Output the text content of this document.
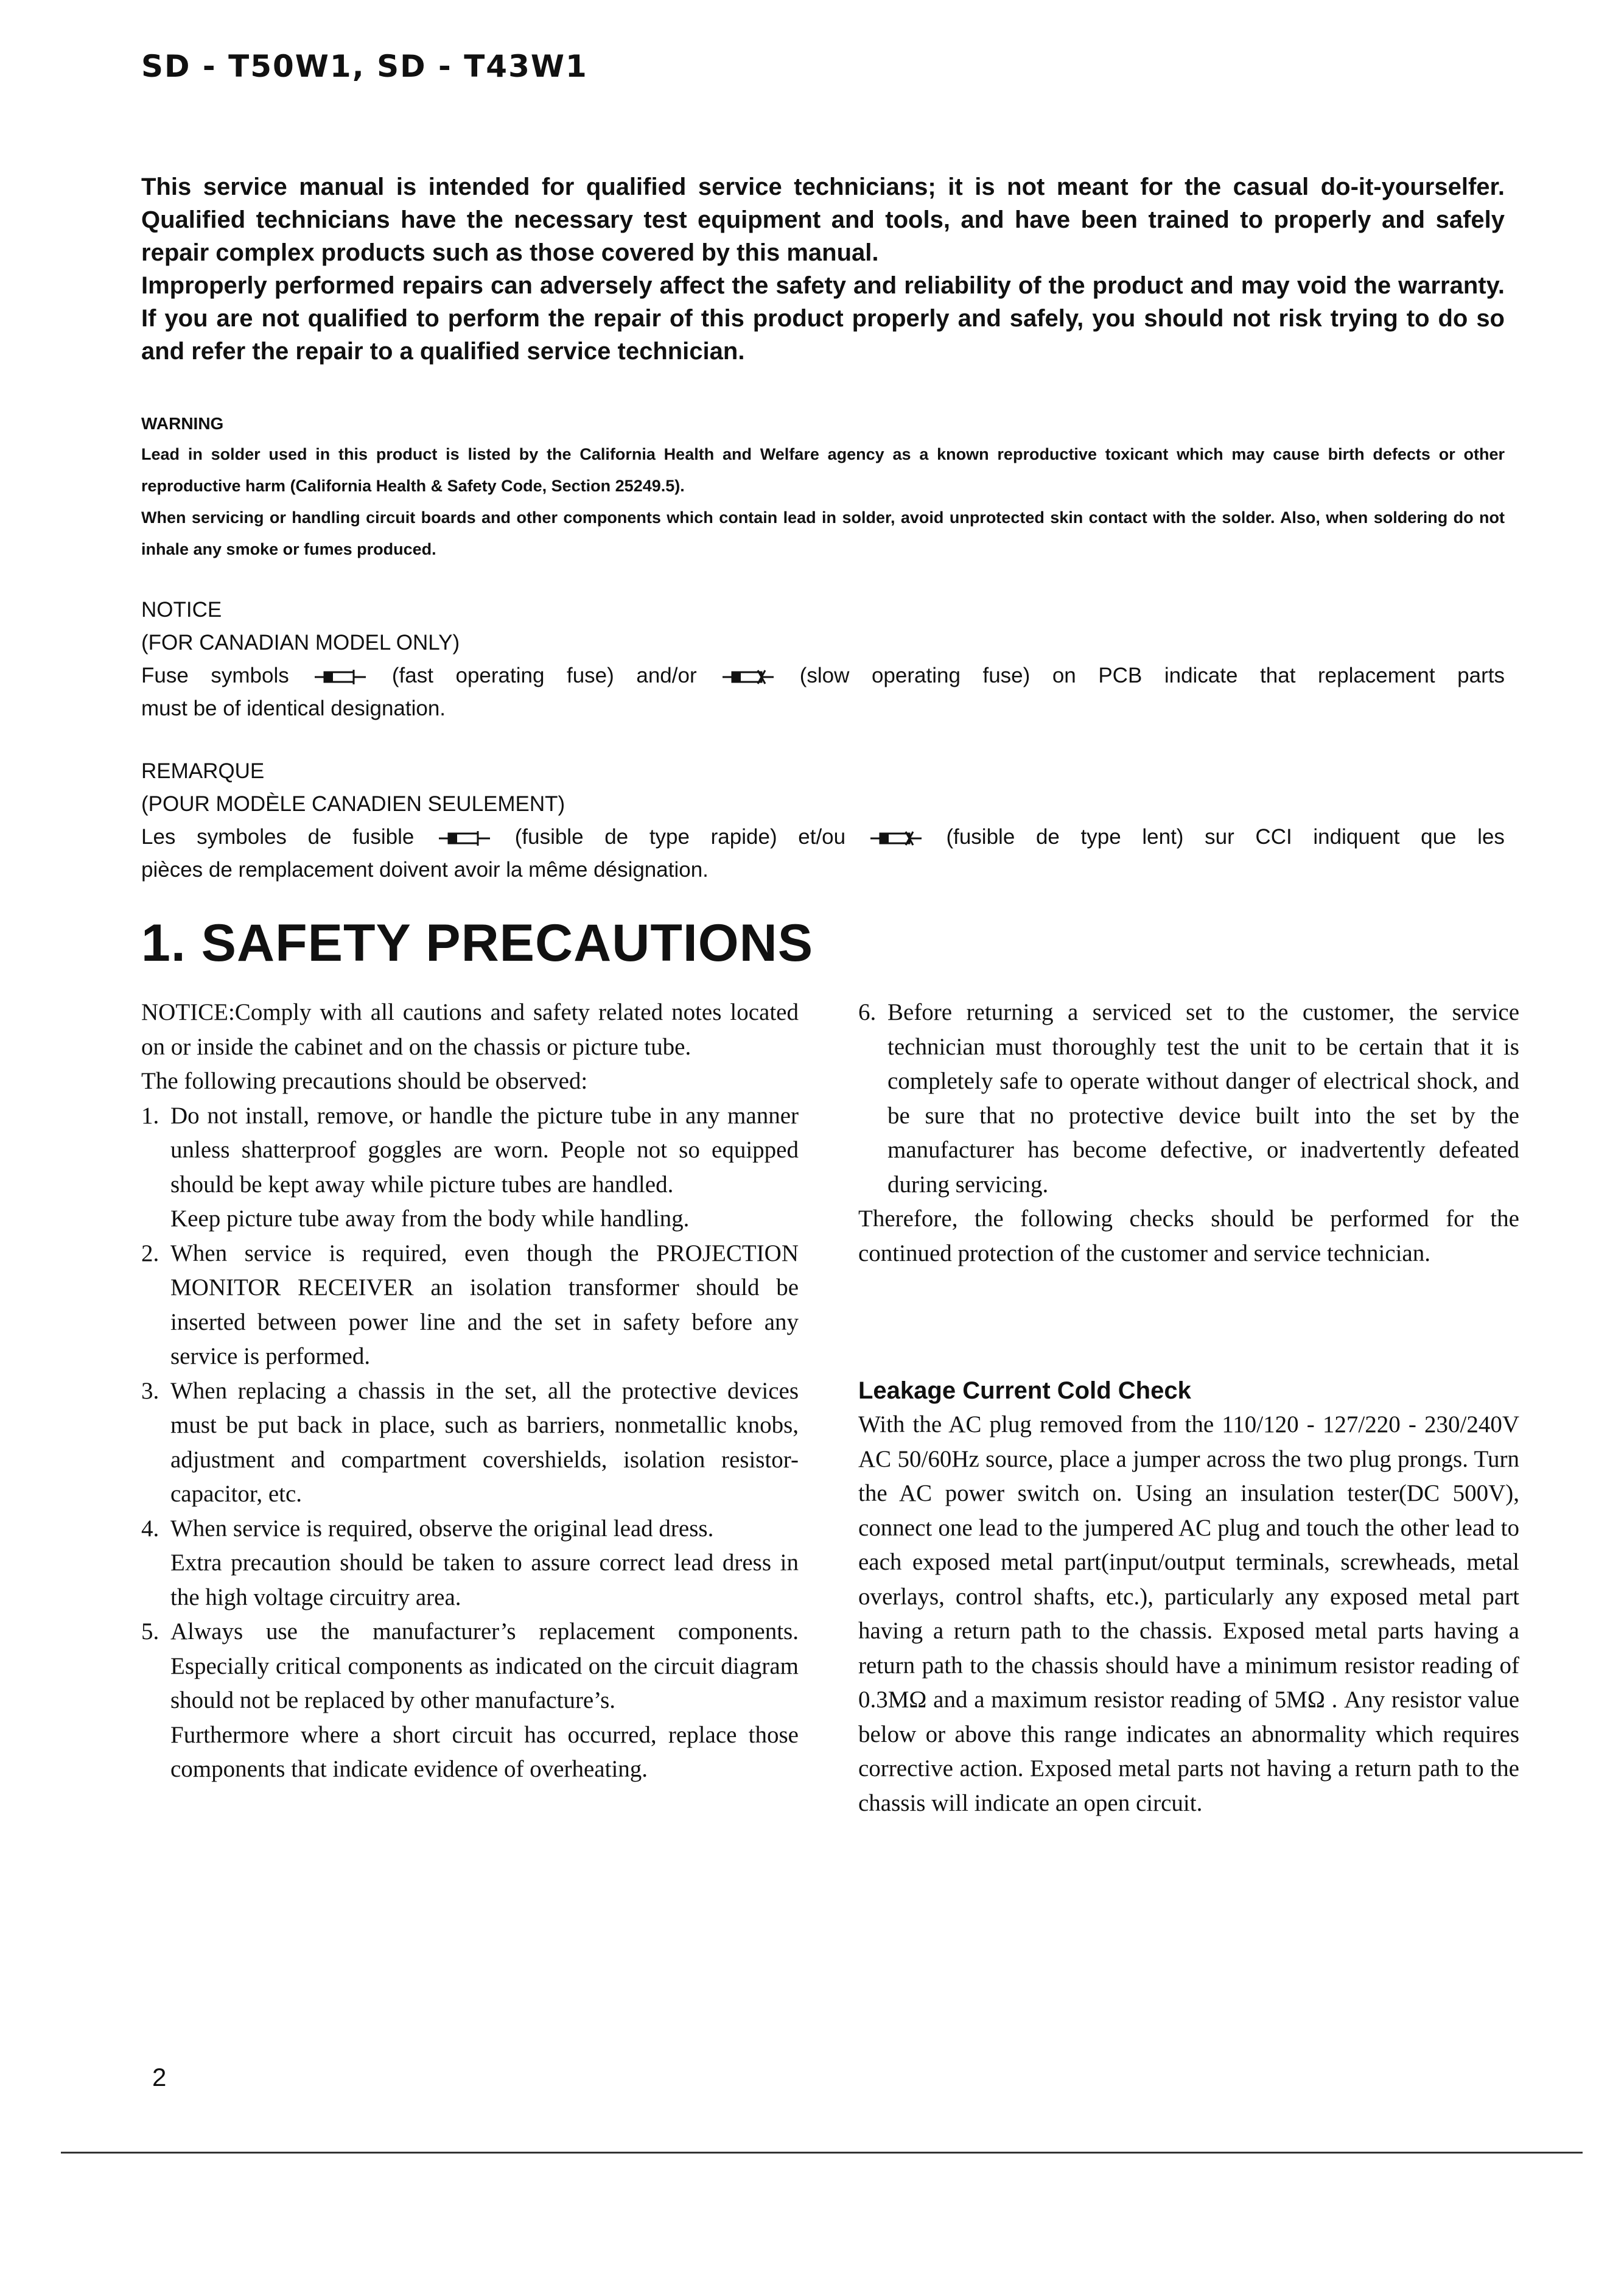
SD - T50W1, SD - T43W1

This service manual is intended for qualified service technicians; it is not meant for the casual do-it-yourselfer. Qualified technicians have the necessary test equipment and tools, and have been trained to properly and safely repair complex products such as those covered by this manual.

Improperly performed repairs can adversely affect the safety and reliability of the product and may void the warranty. If you are not qualified to perform the repair of this product properly and safely, you should not risk trying to do so and refer the repair to a qualified service technician.

WARNING

Lead in solder used in this product is listed by the California Health and Welfare agency as a known reproductive toxicant which may cause birth defects or other reproductive harm (California Health & Safety Code, Section 25249.5).

When servicing or handling circuit boards and other components which contain lead in solder, avoid unprotected skin contact with the solder. Also, when soldering do not inhale any smoke or fumes produced.

NOTICE

(FOR CANADIAN MODEL ONLY)

Fuse symbols	(fast operating fuse) and/or	(slow operating fuse) on PCB indicate that replacement parts

must be of identical designation.

REMARQUE

(POUR MODÈLE CANADIEN SEULEMENT)

Les symboles de fusible	(fusible de type rapide) et/ou	(fusible de type lent) sur CCI indiquent que les

pièces de remplacement doivent avoir la même désignation.

1. SAFETY PRECAUTIONS

NOTICE:Comply with all cautions and safety related notes located on or inside the cabinet and on the chassis or picture tube.

The following precautions should be observed:

1. Do not install, remove, or handle the picture tube in any manner unless shatterproof goggles are worn. People not so equipped should be kept away while picture tubes are handled.

Keep picture tube away from the body while handling.

2. When service is required, even though the PROJECTION MONITOR RECEIVER an isolation transformer should be inserted between power line and the set in safety before any service is performed.
3. When replacing a chassis in the set, all the protective devices must be put back in place, such as barriers, nonmetallic knobs, adjustment and compartment covershields, isolation resistor-capacitor, etc.
4. When service is required, observe the original lead dress.

Extra precaution should be taken to assure correct lead dress in the high voltage circuitry area.

5. Always use the manufacturer’s replacement components. Especially critical components as indicated on the circuit diagram should not be replaced by other manufacture’s.

Furthermore where a short circuit has occurred, replace those components that indicate evidence of overheating.

6. Before returning a serviced set to the customer, the service technician must thoroughly test the unit to be certain that it is completely safe to operate without danger of electrical shock, and be sure that no protective device built into the set by the manufacturer has become defective, or inadvertently defeated during servicing.

Therefore, the following checks should be performed for the continued protection of the customer and service technician.

Leakage Current Cold Check

With the AC plug removed from the 110/120 - 127/220 - 230/240V AC 50/60Hz source, place a jumper across the two plug prongs. Turn the AC power switch on. Using an insulation tester(DC 500V), connect one lead to the jumpered AC plug and touch the other lead to each exposed metal part(input/output terminals, screwheads, metal overlays, control shafts, etc.), particularly any exposed metal part having a return path to the chassis. Exposed metal parts having a return path to the chassis should have a minimum resistor reading of 0.3MΩ and a maximum resistor reading of 5MΩ . Any resistor value below or above this range indicates an abnormality which requires corrective action. Exposed metal parts not having a return path to the chassis will indicate an open circuit.

2
